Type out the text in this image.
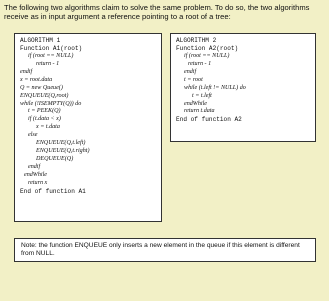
The following two algorithms claim to solve the same problem. To do so, the two algorithms receive as in input argument a reference pointing to a root of a tree:
ALGORITHM 1
Function A1(root)
if (root == NULL)
return - 1
endif
x = root.data
Q = new Queue()
ENQUEUE(Q,root)
while (!ISEMPTY(Q)) do
t = PEEK(Q)
if (t.data < x)
x = t.data
else
ENQUEUE(Q,t.left)
ENQUEUE(Q,t.right)
DEQUEUE(Q)
endif
endWhile
return x
End of function A1
ALGORITHM 2
Function A2(root)
if (root == NULL)
return - 1
endif
t = root
while (t.left != NULL) do
t = t.left
endWhile
return t.data
End of function A2
Note: the function ENQUEUE only inserts a new element in the queue if this element is different from NULL.
